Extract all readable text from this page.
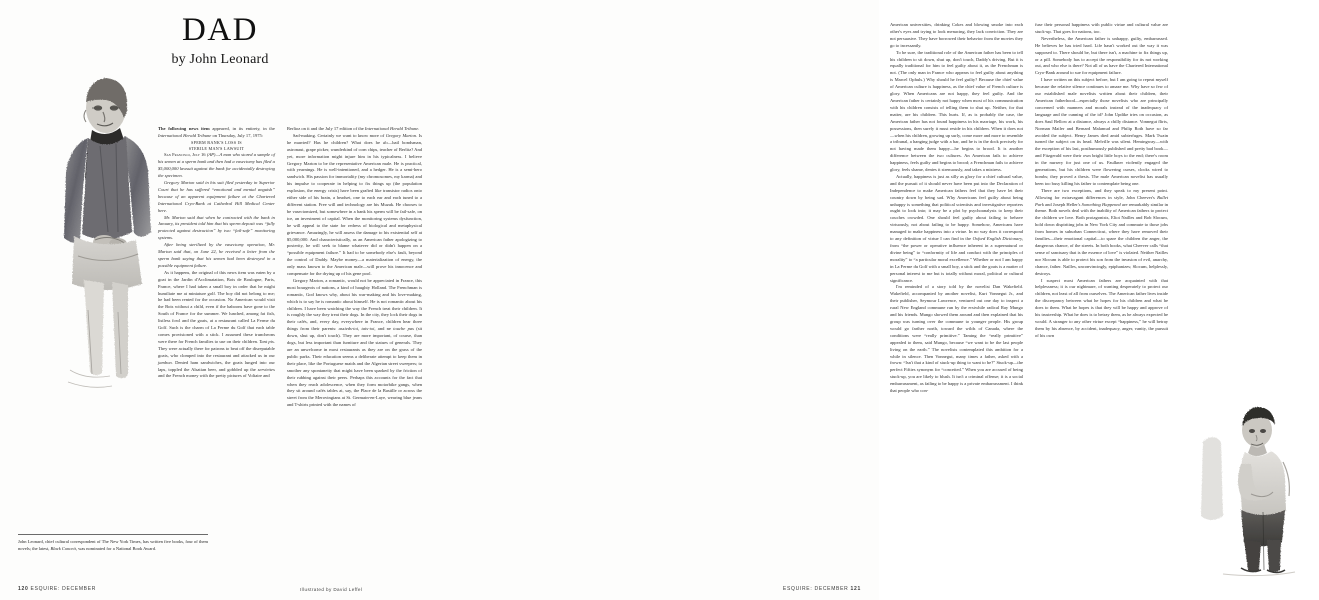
DAD

by John Leonard

The following news item appeared, in its entirety, in the International Herald Tribune on Thursday, July 17, 1975:

SPERM BANK'S LOSS IS
STERILE MAN'S LAWSUIT

San Francisco, July 16 (AP)—A man who stored a sample of his semen at a sperm bank and then had a vasectomy has filed a $5,000,000 lawsuit against the bank for accidentally destroying the specimen.

Gregory Marton said in his suit filed yesterday in Superior Court that he has suffered “emotional and mental anguish” because of an apparent equipment failure at the Chartered International Cryo-Bank at Cathedral Hill Medical Center here.

Mr. Marton said that when he contracted with the bank in January, its president told him that his sperm deposit was “fully protected against destruction” by two “fail-safe” monitoring systems.

After being sterilized by the vasectomy operation, Mr. Marton said that, on June 22, he received a letter from the sperm bank saying that his semen had been destroyed in a possible equipment failure.

As it happens, the original of this news item was eaten by a goat in the Jardin d'Acclimatation, Bois de Boulogne, Paris, France, where I had taken a small boy in order that he might humiliate me at miniature golf. The boy did not belong to me; he had been rented for the occasion. No American would visit the Bois without a child, even if the baboons have gone to the South of France for the summer. We lunched, among fat fish, listless fowl and the goats, at a restaurant called La Ferme du Golf. Such is the charm of La Ferme du Golf that each table comes provisioned with a stick. I assumed these truncheons were there for French families to use on their children. Tant pis. They were actually there for patrons to beat off the disreputable goats, who clomped into the restaurant and attacked us in our jambon. Denied ham sandwiches, the goats lunged into our laps, toppled the Alsatian beer, and gobbled up the serviettes and the French money with the pretty pictures of Voltaire and

Berlioz on it and the July 17 edition of the International Herald Tribune.

Sad-making. Certainly we want to know more of Gregory Marton. Is he married? Has he children? What does he do—bail bondsman, astronaut, grape picker, wunderkind of corn chips, teacher of Berlitz? And yet, more information might injure him in his typicalness. I believe Gregory Marton to be the representative American male. He is practical, with yearnings. He is well-intentioned, and a hedger. He is a semi-hero sandwich. His passion for immortality (my chromosomes, my karma) and his impulse to cooperate in helping to fix things up (the population explosion, the energy crisis) have been grafted like transistor radios onto either side of his brain, a headset, one to each ear and each tuned to a different station. Free will and technology are his Muzak. He chooses to be vasectomized, but somewhere in a bank his sperm will be fail-safe, on ice, an investment of capital. When the monitoring systems dysfunction, he will appeal to the state for redress of biological and metaphysical grievance. Amazingly, he will assess the damage to his existential self at $5,000,000. And characteristically, as an American father apologizing to posterity, he will seek to blame whatever did or didn't happen on a “possible equipment failure.” It had to be somebody else's fault, beyond the control of Daddy. Maybe money—a materialization of energy, the only mass known to the American male—will prove his innocence and compensate for the drying up of his gene pool.

Gregory Marton, a romantic, would not be appreciated in France, this most bourgeois of nations, a kind of haughty Holland. The Frenchman is romantic, God knows why, about his war-making and his love-making, which is to say he is romantic about himself. He is not romantic about his children. I have been watching the way the French treat their children. It is roughly the way they treat their dogs. In the city, they lock their dogs in their cafés, and, every day, everywhere in France, children hear three things from their parents: assieds-toi, tais-toi, and ne touche pas (sit down, shut up, don't touch). They are more important, of course, than dogs, but less important than furniture and the statues of generals. They are an unwelcome in most restaurants as they are on the grass of the public parks. Their education seems a deliberate attempt to keep them in their place, like the Portuguese maids and the Algerian street sweepers; to smother any spontaneity that might have been sparked by the friction of their rubbing against their peers. Perhaps this accounts for the fact that when they reach adolescence, when they form motorbike gangs, when they sit around cafés tables at, say, the Place de la Bastille or across the street from the Merovingians at St. Germain-en-Laye, wearing blue jeans and T-shirts printed with the names of

John Leonard, chief cultural correspondent of The New York Times, has written five books, four of them novels; the latest, Black Conceit, was nominated for a National Book Award.
120 ESQUIRE: DECEMBER	Illustrated by David Leffel

American universities, drinking Cokes and blowing smoke into each other's eyes and trying to look menacing, they lack conviction. They are not persuasive. They have borrowed their behavior from the movies they go to incessantly.

To be sure, the traditional role of the American father has been to tell his children to sit down, shut up, don't touch, Daddy's driving. But it is equally traditional for him to feel guilty about it, as the Frenchman is not. (The only man in France who appears to feel guilty about anything is Marcel Ophuls.) Why should he feel guilty? Because the chief value of American culture is happiness, as the chief value of French culture is glory. When Americans are not happy, they feel guilty. And the American father is certainly not happy when most of his communication with his children consists of telling them to shut up. Neither, for that matter, are his children. This hurts. If, as is probably the case, the American father has not found happiness in his marriage, his work, his possessions, then surely it must reside in his children. When it does not—when his children, growing up surly, come more and more to resemble a tribunal, a hanging judge with a bar, and he is in the dock precisely for not having made them happy—he begins to brood. It is another difference between the two cultures. An American fails to achieve happiness, feels guilty and begins to brood; a Frenchman fails to achieve glory, feels shame, denies it strenuously, and takes a mistress.

Actually, happiness is just as silly as glory for a chief cultural value, and the pursuit of it should never have been put into the Declaration of Independence to make American fathers feel that they have let their country down by being sad. Why Americans feel guilty about being unhappy is something that political scientists and investigative reporters ought to look into; it may be a plot by psychoanalysts to keep their couches crowded. One should feel guilty about failing to behave virtuously, not about failing to be happy. Somehow, Americans have managed to make happiness into a virtue. In no way does it correspond to any definition of virtue I can find in the Oxford English Dictionary, from “the power or operative influence inherent in a supernatural or divine being” to “conformity of life and conduct with the principles of morality” to “a particular moral excellence.” Whether or not I am happy in La Ferme du Golf with a small boy, a stick and the goats is a matter of personal interest to me but is totally without moral, political or cultural significance.

I'm reminded of a story told by the novelist Dan Wakefield. Wakefield, accompanied by another novelist, Kurt Vonnegut Jr., and their publisher, Seymour Lawrence, ventured out one day to inspect a rural New England commune run by the erstwhile radical Ray Mungo and his friends. Mungo showed them around and then explained that his group was turning over the commune to younger people. His group would go farther north, toward the wilds of Canada, where the conditions were “really primitive.” Taming the “really primitive” appealed to them, said Mungo, because “we want to be the last people living on the earth.” The novelists contemplated this ambition for a while in silence. Then Vonnegut, many times a father, asked with a frown: “Isn't that a kind of stuck-up thing to want to be?” Stuck-up—the perfect Fifties synonym for “conceited.” When you are accused of being stuck-up, you are likely to blush. It isn't a criminal offense; it is a social embarrassment, as failing to be happy is a private embarrassment. I think that people who con-

fuse their personal happiness with public virtue and cultural value are stuck-up. That goes for nations, too.

Nevertheless, the American father is unhappy, guilty, embarrassed. He believes he has tried hard. Life hasn't worked out the way it was supposed to. There should be, but there isn't, a machine to fix things up, or a pill. Somebody has to accept the responsibility for its not working out, and who else is there? Not all of us have the Chartered International Cryo-Bank around to sue for equipment failure.

I have written on this subject before, but I am going to repeat myself because the relative silence continues to amaze me. Why have so few of our established male novelists written about their children, their American fatherhood—especially those novelists who are principally concerned with manners and morals instead of the inadequacy of language and the cunning of the id? John Updike tries on occasion, as does Saul Bellow at a distance, always a chilly distance. Vonnegut flirts, Norman Mailer and Bernard Malamud and Philip Roth have so far avoided the subject. Henry James died amid subterfuges. Mark Twain turned the subject on its head. Melville was silent. Hemingway—with the exception of his last, posthumously published and pretty bad book—and Fitzgerald were their own bright little boys to the end; there's room in the nursery for just one of us. Faulkner violently engaged the generations, but his children were flowering curses, clocks wired to bombs; they proved a thesis. The male American novelist has usually been too busy killing his father to contemplate being one.

There are two exceptions, and they speak to my present point. Allowing for extravagant differences in style, John Cheever's Bullet Park and Joseph Heller's Something Happened are remarkably similar in theme. Both novels deal with the inability of American fathers to protect the children we love. Both protagonists, Eliot Nailles and Bob Slocum, hold down dispiriting jobs in New York City and commute to those jobs from homes in suburban Connecticut, where they have removed their families—their emotional capital—to spare the children the anger, the dangerous chance, of the streets. In both books, what Cheever calls “that sense of sanctuary that is the essence of love” is violated. Neither Nailles nor Slocum is able to protect his son from the invasion of evil, anarchy, chance, father. Nailles, unconvincingly, epiphanizes; Slocum, helplessly, destroys.

I suspect most American fathers are acquainted with that helplessness; it is our nightmare, of wanting desperately to protect our children, not least of all from ourselves. The American father lives inside the discrepancy between what he hopes for his children and what he does to them. What he hopes is that they will be happy and approve of his trusteeship. What he does is to betray them, as he always expected he would. A stranger to any other virtue except “happiness,” he will betray them by his absence, by accident, inadequacy, anger, vanity, the pursuit of his own

ESQUIRE: DECEMBER 121
